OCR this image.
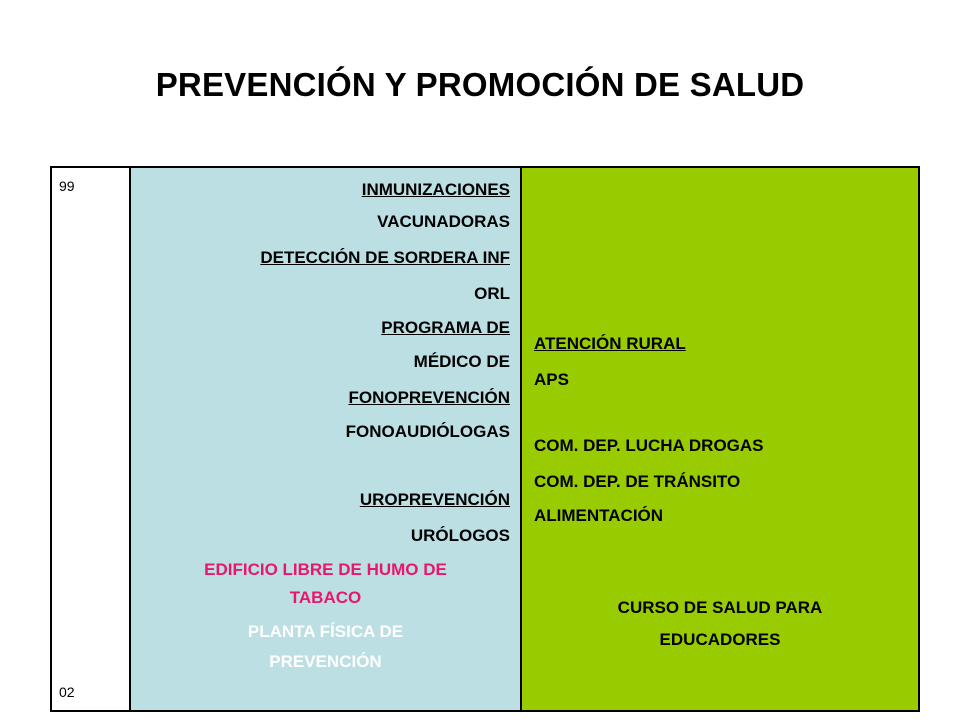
PREVENCIÓN Y PROMOCIÓN DE SALUD
99
02
INMUNIZACIONES
VACUNADORAS
DETECCIÓN DE SORDERA INF
ORL
PROGRAMA DE
MÉDICO DE
FONOPREVENCIÓN
FONOAUDIÓLOGAS
UROPREVENCIÓN
URÓLOGOS
EDIFICIO LIBRE DE HUMO DE
TABACO
PLANTA FÍSICA DE
PREVENCIÓN
ATENCIÓN RURAL
APS
COM. DEP. LUCHA DROGAS
COM. DEP. DE TRÁNSITO
ALIMENTACIÓN
CURSO DE SALUD PARA
EDUCADORES
